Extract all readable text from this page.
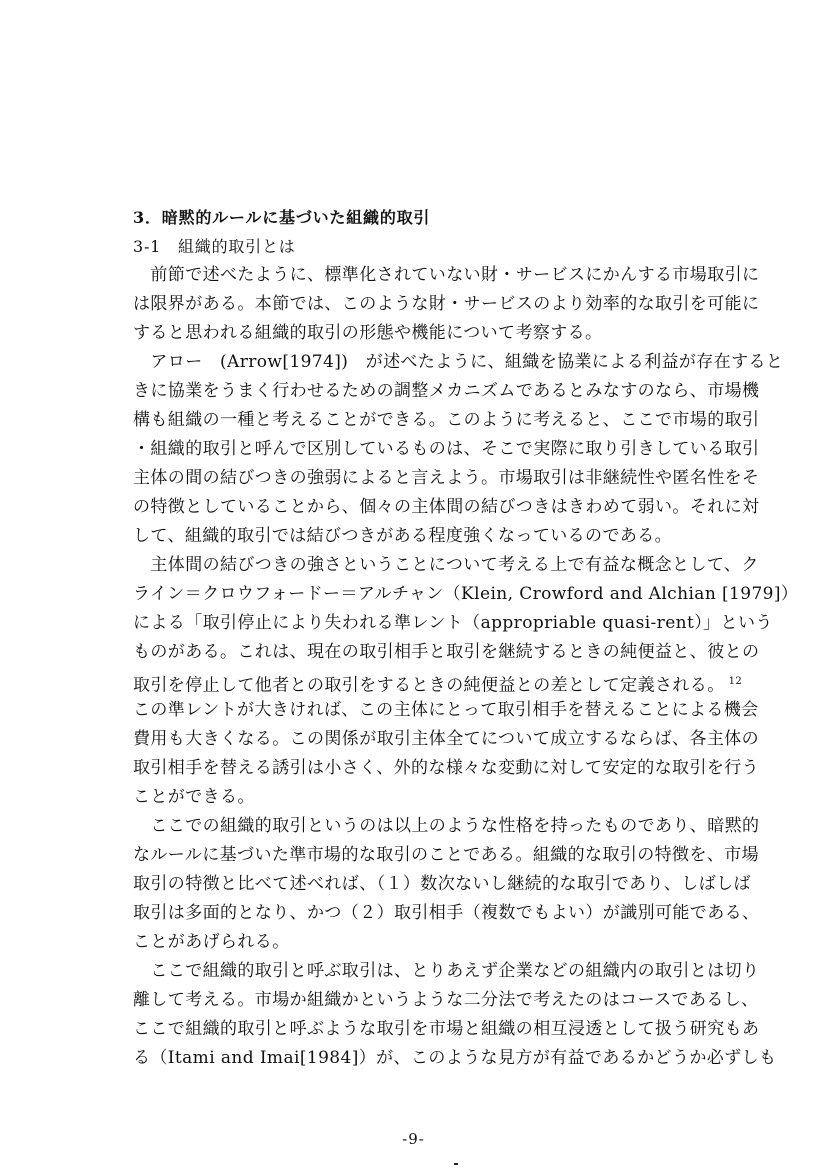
3．暗黙的ルールに基づいた組織的取引
3-1　組織的取引とは
　前節で述べたように、標準化されていない財・サービスにかんする市場取引に
は限界がある。本節では、このような財・サービスのより効率的な取引を可能に
すると思われる組織的取引の形態や機能について考察する。
　アロー　(Arrow[1974])　が述べたように、組織を協業による利益が存在すると
きに協業をうまく行わせるための調整メカニズムであるとみなすのなら、市場機
構も組織の一種と考えることができる。このように考えると、ここで市場的取引
・組織的取引と呼んで区別しているものは、そこで実際に取り引きしている取引
主体の間の結びつきの強弱によると言えよう。市場取引は非継続性や匿名性をそ
の特徴としていることから、個々の主体間の結びつきはきわめて弱い。それに対
して、組織的取引では結びつきがある程度強くなっているのである。
　主体間の結びつきの強さということについて考える上で有益な概念として、ク
ライン＝クロウフォードー＝アルチャン（Klein, Crowford and Alchian [1979]）
による「取引停止により失われる準レント（appropriable quasi-rent）」という
ものがある。これは、現在の取引相手と取引を継続するときの純便益と、彼との
取引を停止して他者との取引をするときの純便益との差として定義される。 $^{12}$
この準レントが大きければ、この主体にとって取引相手を替えることによる機会
費用も大きくなる。この関係が取引主体全てについて成立するならば、各主体の
取引相手を替える誘引は小さく、外的な様々な変動に対して安定的な取引を行う
ことができる。
　ここでの組織的取引というのは以上のような性格を持ったものであり、暗黙的
なルールに基づいた準市場的な取引のことである。組織的な取引の特徴を、市場
取引の特徴と比べて述べれば、（１）数次ないし継続的な取引であり、しばしば
取引は多面的となり、かつ（２）取引相手（複数でもよい）が識別可能である、
ことがあげられる。
　ここで組織的取引と呼ぶ取引は、とりあえず企業などの組織内の取引とは切り
離して考える。市場か組織かというような二分法で考えたのはコースであるし、
ここで組織的取引と呼ぶような取引を市場と組織の相互浸透として扱う研究もあ
る（Itami and Imai[1984]）が、このような見方が有益であるかどうか必ずしも
-9-
